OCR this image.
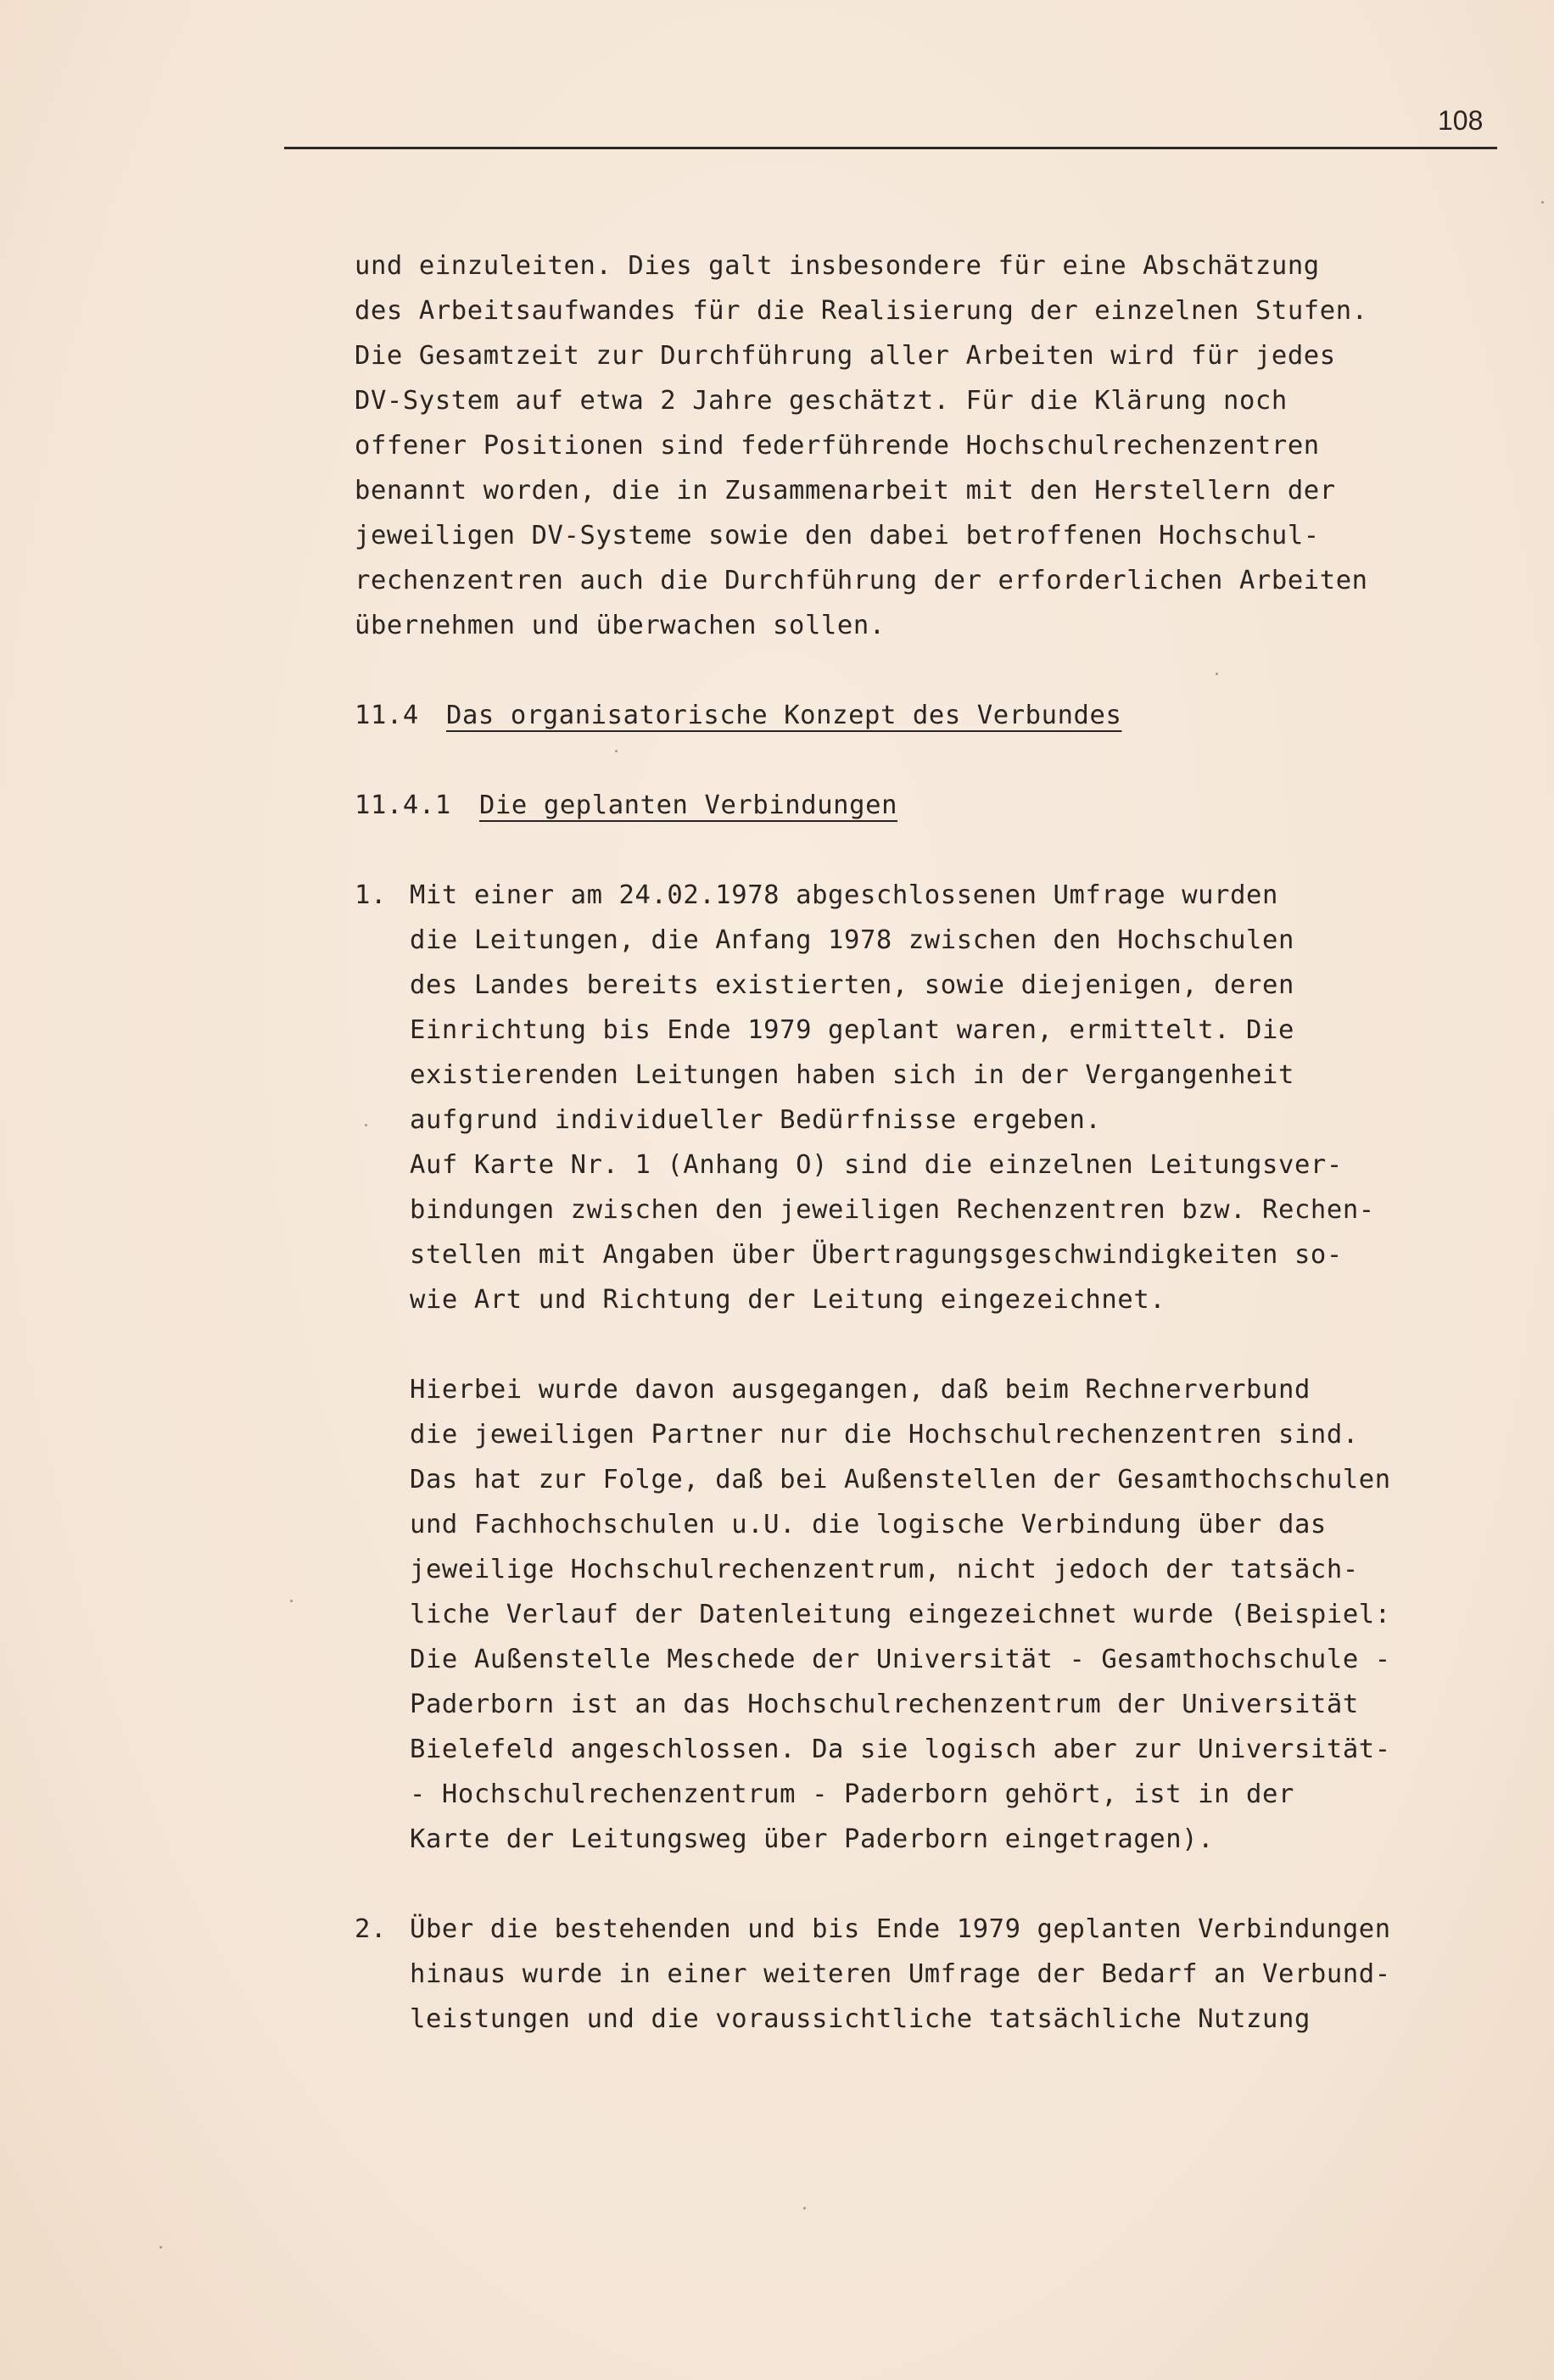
108
und einzuleiten. Dies galt insbesondere für eine Abschätzung
des Arbeitsaufwandes für die Realisierung der einzelnen Stufen.
Die Gesamtzeit zur Durchführung aller Arbeiten wird für jedes
DV-System auf etwa 2 Jahre geschätzt. Für die Klärung noch
offener Positionen sind federführende Hochschulrechenzentren
benannt worden, die in Zusammenarbeit mit den Herstellern der
jeweiligen DV-Systeme sowie den dabei betroffenen Hochschul-
rechenzentren auch die Durchführung der erforderlichen Arbeiten
übernehmen und überwachen sollen.
11.4 Das organisatorische Konzept des Verbundes
11.4.1 Die geplanten Verbindungen
1. Mit einer am 24.02.1978 abgeschlossenen Umfrage wurden
die Leitungen, die Anfang 1978 zwischen den Hochschulen
des Landes bereits existierten, sowie diejenigen, deren
Einrichtung bis Ende 1979 geplant waren, ermittelt. Die
existierenden Leitungen haben sich in der Vergangenheit
aufgrund individueller Bedürfnisse ergeben.
Auf Karte Nr. 1 (Anhang O) sind die einzelnen Leitungsver-
bindungen zwischen den jeweiligen Rechenzentren bzw. Rechen-
stellen mit Angaben über Übertragungsgeschwindigkeiten so-
wie Art und Richtung der Leitung eingezeichnet.
Hierbei wurde davon ausgegangen, daß beim Rechnerverbund
die jeweiligen Partner nur die Hochschulrechenzentren sind.
Das hat zur Folge, daß bei Außenstellen der Gesamthochschulen
und Fachhochschulen u.U. die logische Verbindung über das
jeweilige Hochschulrechenzentrum, nicht jedoch der tatsäch-
liche Verlauf der Datenleitung eingezeichnet wurde (Beispiel:
Die Außenstelle Meschede der Universität - Gesamthochschule -
Paderborn ist an das Hochschulrechenzentrum der Universität
Bielefeld angeschlossen. Da sie logisch aber zur Universität-
- Hochschulrechenzentrum - Paderborn gehört, ist in der
Karte der Leitungsweg über Paderborn eingetragen).
2. Über die bestehenden und bis Ende 1979 geplanten Verbindungen
hinaus wurde in einer weiteren Umfrage der Bedarf an Verbund-
leistungen und die voraussichtliche tatsächliche Nutzung
